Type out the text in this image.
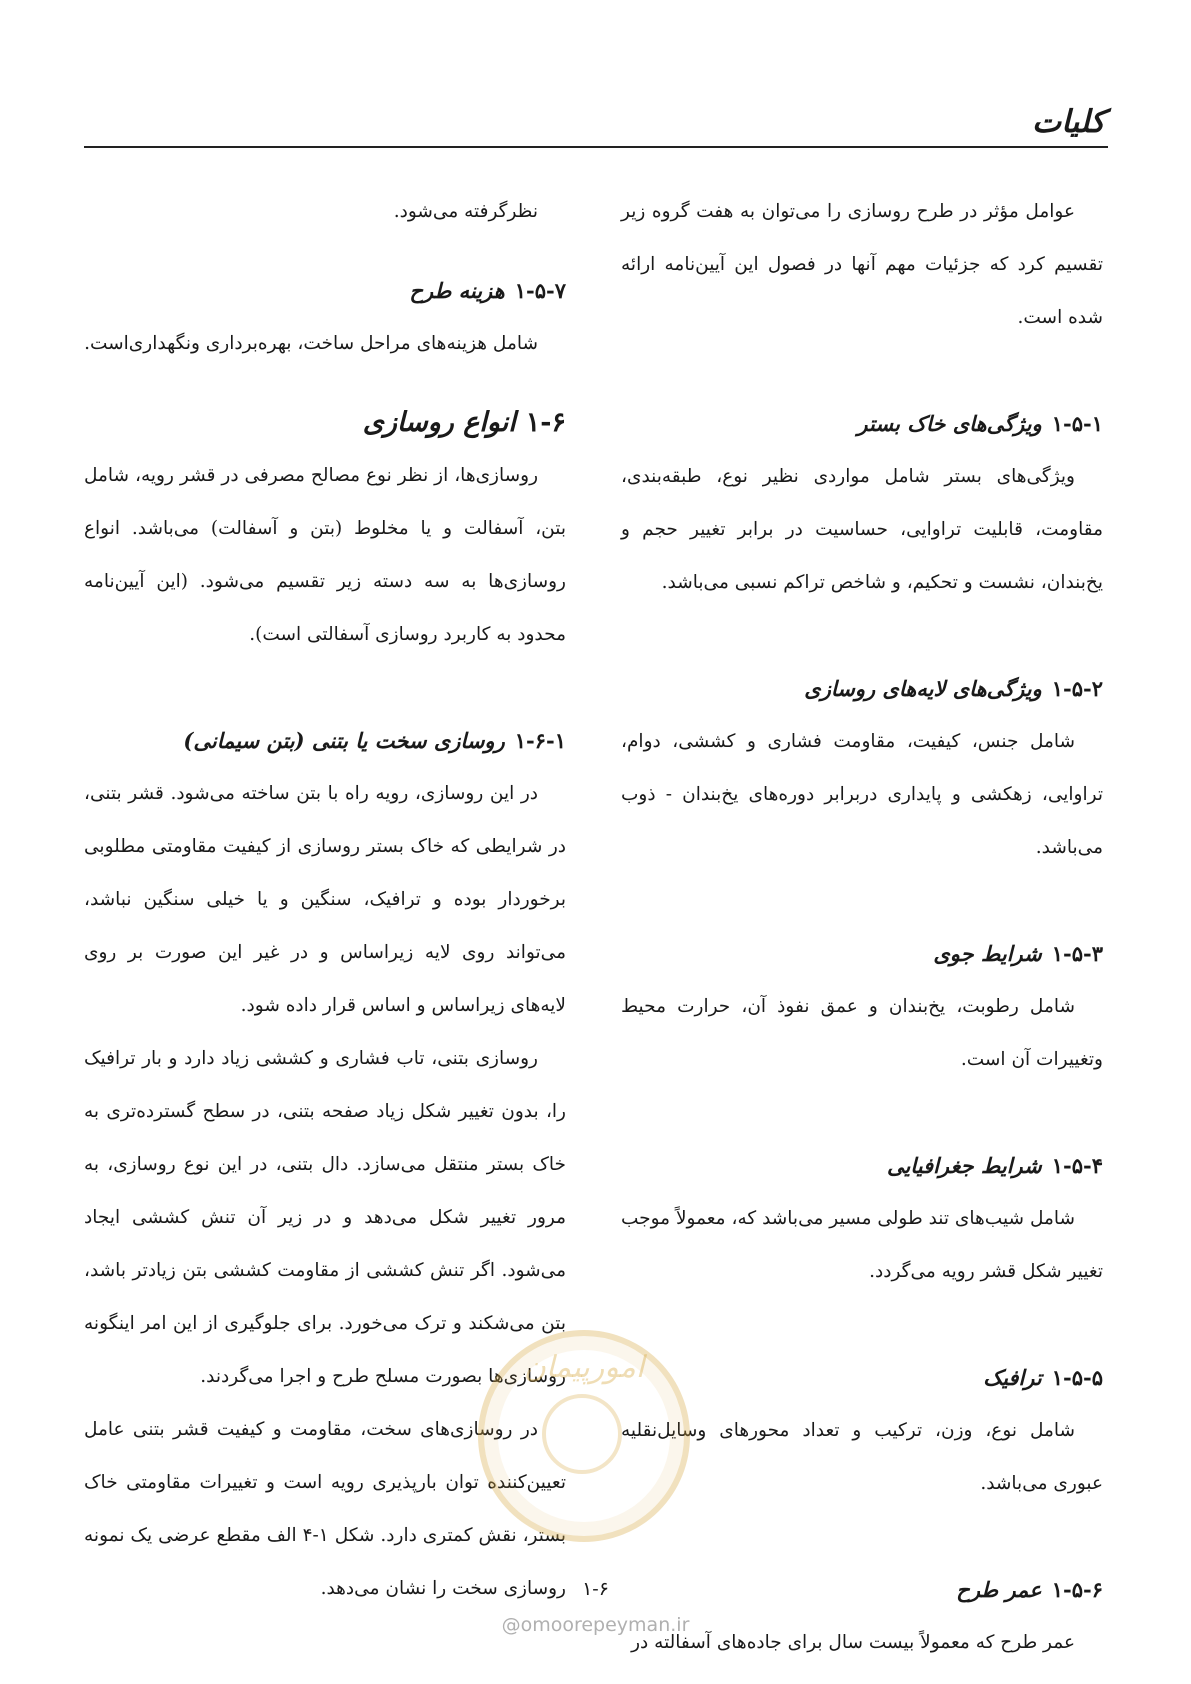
کلیات

عوامل مؤثر در طرح روسازی را می‌توان به هفت گروه زیر تقسیم کرد که جزئیات مهم آنها در فصول این آیین‌نامه ارائه شده است.

۱-۵-۱ویژگی‌های خاک بستر

ویژگی‌های بستر شامل مواردی نظیر نوع، طبقه‌بندی، مقاومت، قابلیت تراوایی، حساسیت در برابر تغییر حجم و یخ‌بندان، نشست و تحکیم، و شاخص تراکم نسبی می‌باشد.

۱-۵-۲ویژگی‌های لایه‌های روسازی

شامل جنس، کیفیت، مقاومت فشاری و کششی، دوام، تراوایی، زهکشی و پایداری دربرابر دوره‌های یخ‌بندان - ذوب می‌باشد.

۱-۵-۳شرایط جوی

شامل رطوبت، یخ‌بندان و عمق نفوذ آن، حرارت محیط وتغییرات آن است.

۱-۵-۴شرایط جغرافیایی

شامل شیب‌های تند طولی مسیر می‌باشد که، معمولاً موجب تغییر شکل قشر رویه می‌گردد.

۱-۵-۵ترافیک

شامل نوع، وزن، ترکیب و تعداد محورهای وسایل‌نقلیه عبوری می‌باشد.

۱-۵-۶عمر طرح

عمر طرح که معمولاً بیست سال برای جاده‌های آسفالته در

نظرگرفته می‌شود.

۱-۵-۷هزینه طرح

شامل هزینه‌های مراحل ساخت، بهره‌برداری ونگهداری‌است.

۱-۶انواع روسازی

روسازی‌ها، از نظر نوع مصالح مصرفی در قشر رویه، شامل بتن، آسفالت و یا مخلوط (بتن و آسفالت) می‌باشد. انواع روسازی‌ها به سه دسته زیر تقسیم می‌شود. (این آیین‌نامه محدود به کاربرد روسازی آسفالتی است).

۱-۶-۱روسازی سخت یا بتنی (بتن سیمانی)

در این روسازی، رویه راه با بتن ساخته می‌شود. قشر بتنی، در شرایطی که خاک بستر روسازی از کیفیت مقاومتی مطلوبی برخوردار بوده و ترافیک، سنگین و یا خیلی سنگین نباشد، می‌تواند روی لایه زیراساس و در غیر این صورت بر روی لایه‌های زیراساس و اساس قرار داده شود.

روسازی بتنی، تاب فشاری و کششی زیاد دارد و بار ترافیک را، بدون تغییر شکل زیاد صفحه بتنی، در سطح گسترده‌تری به خاک بستر منتقل می‌سازد. دال بتنی، در این نوع روسازی، به مرور تغییر شکل می‌دهد و در زیر آن تنش کششی ایجاد می‌شود. اگر تنش کششی از مقاومت کششی بتن زیادتر باشد، بتن می‌شکند و ترک می‌خورد. برای جلوگیری از این امر اینگونه روسازی‌ها بصورت مسلح طرح و اجرا می‌گردند.

در روسازی‌های سخت، مقاومت و کیفیت قشر بتنی عامل تعیین‌کننده توان بارپذیری رویه است و تغییرات مقاومتی خاک بستر، نقش کمتری دارد. شکل ۱-۴ الف مقطع عرضی یک نمونه روسازی سخت را نشان می‌دهد.

امورپیمان
۱-۶
@omoorepeyman.ir
